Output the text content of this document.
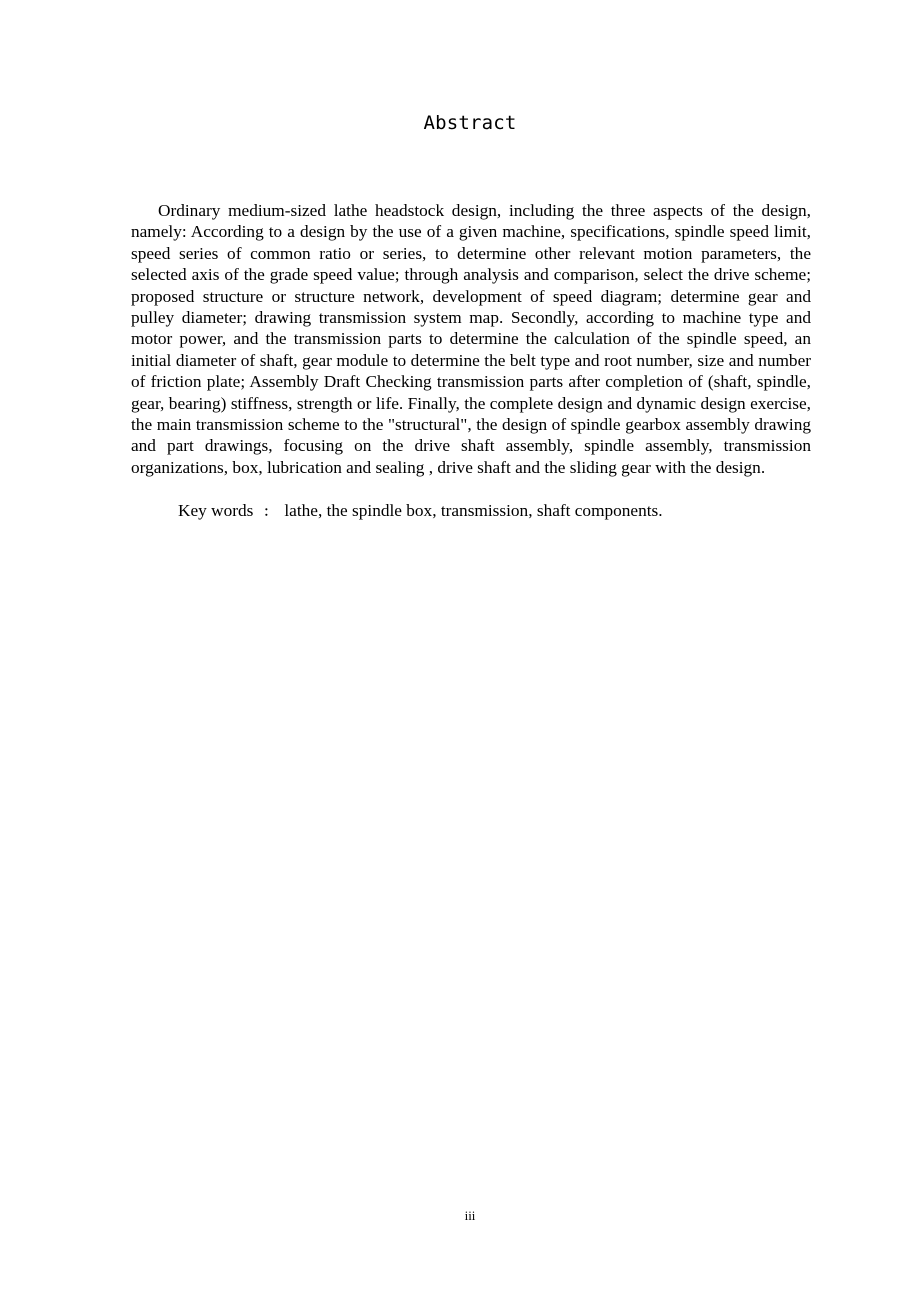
Abstract

Ordinary medium-sized lathe headstock design, including the three aspects of the design, namely: According to a design by the use of a given machine, specifications, spindle speed limit, speed series of common ratio or series, to determine other relevant motion parameters, the selected axis of the grade speed value; through analysis and comparison, select the drive scheme; proposed structure or structure network, development of speed diagram; determine gear and pulley diameter; drawing transmission system map. Secondly, according to machine type and motor power, and the transmission parts to determine the calculation of the spindle speed, an initial diameter of shaft, gear module to determine the belt type and root number, size and number of friction plate; Assembly Draft Checking transmission parts after completion of (shaft, spindle, gear, bearing) stiffness, strength or life. Finally, the complete design and dynamic design exercise, the main transmission scheme to the "structural", the design of spindle gearbox assembly drawing and part drawings, focusing on the drive shaft assembly, spindle assembly, transmission organizations, box, lubrication and sealing , drive shaft and the sliding gear with the design.

Key words ： lathe, the spindle box, transmission, shaft components.

iii
